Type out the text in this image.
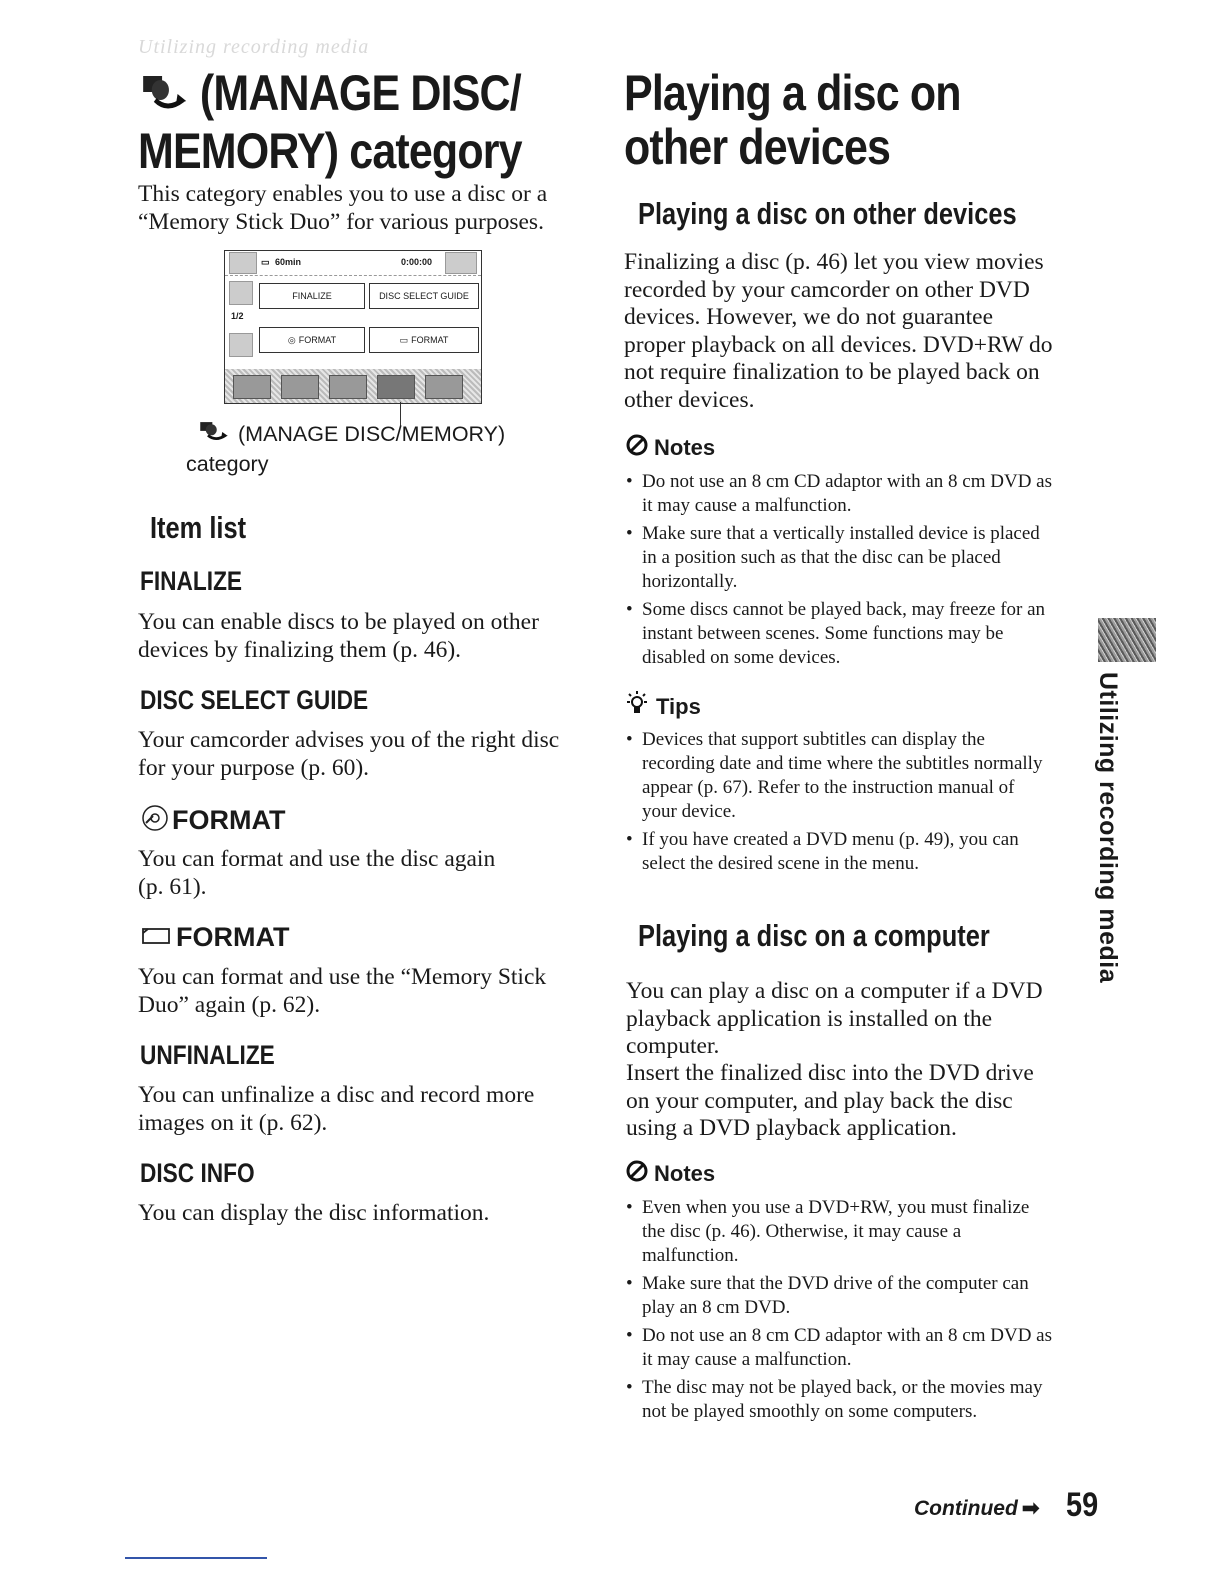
Utilizing recording media
(MANAGE DISC/
MEMORY) category
This category enables you to use a disc or a “Memory Stick Duo” for various purposes.
▭ 60min	0:00:00
FINALIZE	DISC SELECT GUIDE
1/2
◎ FORMAT	▭ FORMAT
(MANAGE DISC/MEMORY)
category
Item list
FINALIZE
You can enable discs to be played on other devices by finalizing them (p. 46).
DISC SELECT GUIDE
Your camcorder advises you of the right disc for your purpose (p. 60).
FORMAT
You can format and use the disc again (p. 61).
FORMAT
You can format and use the “Memory Stick Duo” again (p. 62).
UNFINALIZE
You can unfinalize a disc and record more images on it (p. 62).
DISC INFO
You can display the disc information.
Playing a disc on
other devices
Playing a disc on other devices
Finalizing a disc (p. 46) let you view movies recorded by your camcorder on other DVD devices. However, we do not guarantee proper playback on all devices. DVD+RW do not require finalization to be played back on other devices.
Notes
• Do not use an 8 cm CD adaptor with an 8 cm DVD as it may cause a malfunction.
• Make sure that a vertically installed device is placed in a position such as that the disc can be placed horizontally.
• Some discs cannot be played back, may freeze for an instant between scenes. Some functions may be disabled on some devices.
Tips
• Devices that support subtitles can display the recording date and time where the subtitles normally appear (p. 67). Refer to the instruction manual of your device.
• If you have created a DVD menu (p. 49), you can select the desired scene in the menu.
Playing a disc on a computer
You can play a disc on a computer if a DVD playback application is installed on the computer.
Insert the finalized disc into the DVD drive on your computer, and play back the disc using a DVD playback application.
Notes
• Even when you use a DVD+RW, you must finalize the disc (p. 46). Otherwise, it may cause a malfunction.
• Make sure that the DVD drive of the computer can play an 8 cm DVD.
• Do not use an 8 cm CD adaptor with an 8 cm DVD as it may cause a malfunction.
• The disc may not be played back, or the movies may not be played smoothly on some computers.
Utilizing recording media
Continued ➡ 59
